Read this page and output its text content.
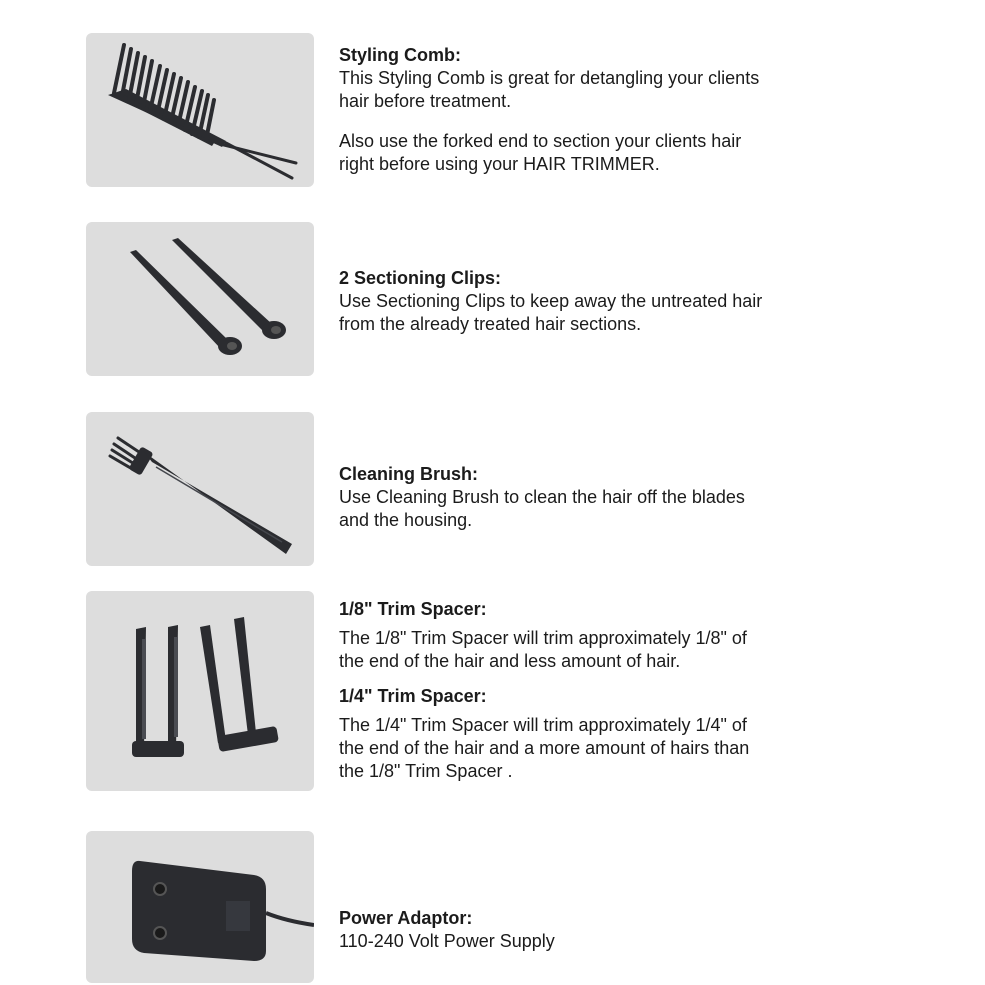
Styling Comb:
This Styling Comb is great for detangling your clients
hair before treatment.
Also use the forked end to section your clients hair
right before using your HAIR TRIMMER.
2 Sectioning Clips:
Use Sectioning Clips to keep away the untreated hair
from the already treated hair sections.
Cleaning Brush:
Use Cleaning Brush to clean the hair off the blades
and the housing.
1/8" Trim Spacer:
The 1/8" Trim Spacer will trim approximately 1/8" of
the end of the hair and less amount of hair.
1/4" Trim Spacer:
The 1/4" Trim Spacer will trim approximately 1/4" of
the end of the hair and a more amount of hairs than
the 1/8" Trim Spacer .
Power Adaptor:
110-240 Volt Power Supply
